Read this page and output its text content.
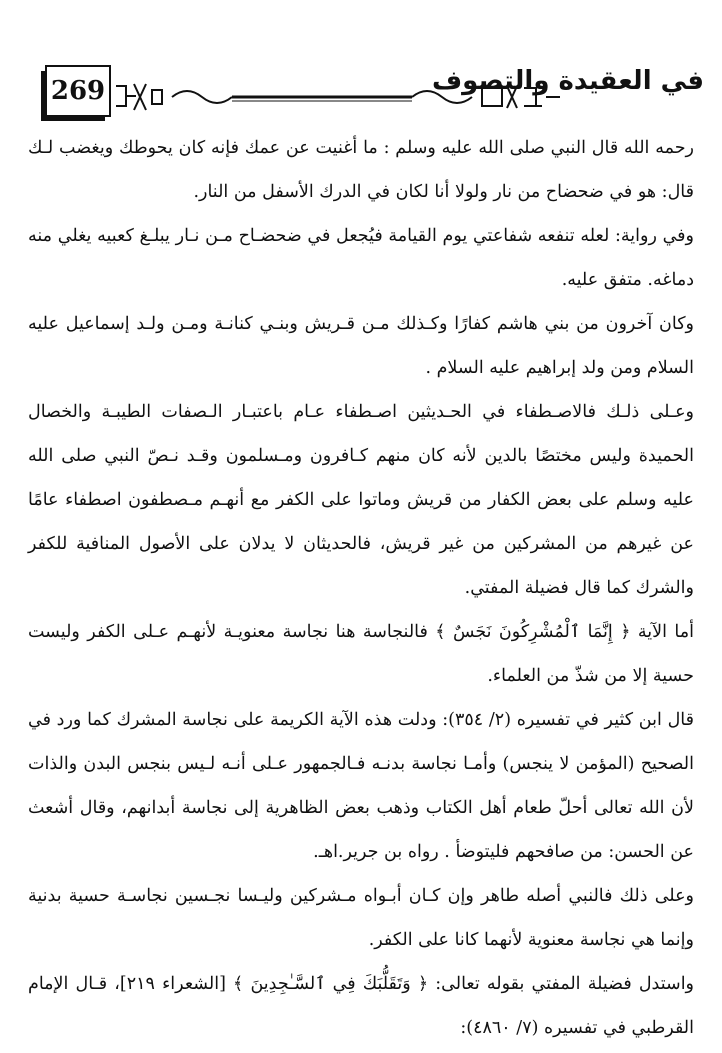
269	في العقيدة والتصوف

رحمه الله قال النبي صلى الله عليه وسلم : ما أغنيت عن عمك فإنه كان يحوطك ويغضب لـك قال: هو في ضحضاح من نار ولولا أنا لكان في الدرك الأسفل من النار.

وفي رواية: لعله تنفعه شفاعتي يوم القيامة فيُجعل في ضحضـاح مـن نـار يبلـغ كعبيه يغلي منه دماغه. متفق عليه.

وكان آخرون من بني هاشم كفارًا وكـذلك مـن قـريش وبنـي كنانـة ومـن ولـد إسماعيل عليه السلام ومن ولد إبراهيم عليه السلام .

وعـلى ذلـك فالاصـطفاء في الحـديثين اصـطفاء عـام باعتبـار الـصفات الطيبـة والخصال الحميدة وليس مختصًا بالدين لأنه كان منهم كـافرون ومـسلمون وقـد نـصّ النبي صلى الله عليه وسلم على بعض الكفار من قريش وماتوا على الكفر مع أنهـم مـصطفون اصطفاء عامًا عن غيرهم من المشركين من غير قريش، فالحديثان لا يدلان على الأصول المنافية للكفر والشرك كما قال فضيلة المفتي.

أما الآية ﴿ إِنَّمَا ٱلْمُشْرِكُونَ نَجَسٌ ﴾ فالنجاسة هنا نجاسة معنويـة لأنهـم عـلى الكفر وليست حسية إلا من شذّ من العلماء.

قال ابن كثير في تفسيره (٢/ ٣٥٤): ودلت هذه الآية الكريمة على نجاسة المشرك كما ورد في الصحيح (المؤمن لا ينجس) وأمـا نجاسة بدنـه فـالجمهور عـلى أنـه لـيس بنجس البدن والذات لأن الله تعالى أحلّ طعام أهل الكتاب وذهب بعض الظاهرية إلى نجاسة أبدانهم، وقال أشعث عن الحسن: من صافحهم فليتوضأ . رواه بن جرير.اهـ.

وعلى ذلك فالنبي أصله طاهر وإن كـان أبـواه مـشركين وليـسا نجـسين نجاسـة حسية بدنية وإنما هي نجاسة معنوية لأنهما كانا على الكفر.

واستدل فضيلة المفتي بقوله تعالى: ﴿ وَتَقَلُّبَكَ فِي ٱلسَّـٰجِدِينَ ﴾ [الشعراء ٢١٩]، قـال الإمام القرطبي في تفسيره (٧/ ٤٨٦٠):
